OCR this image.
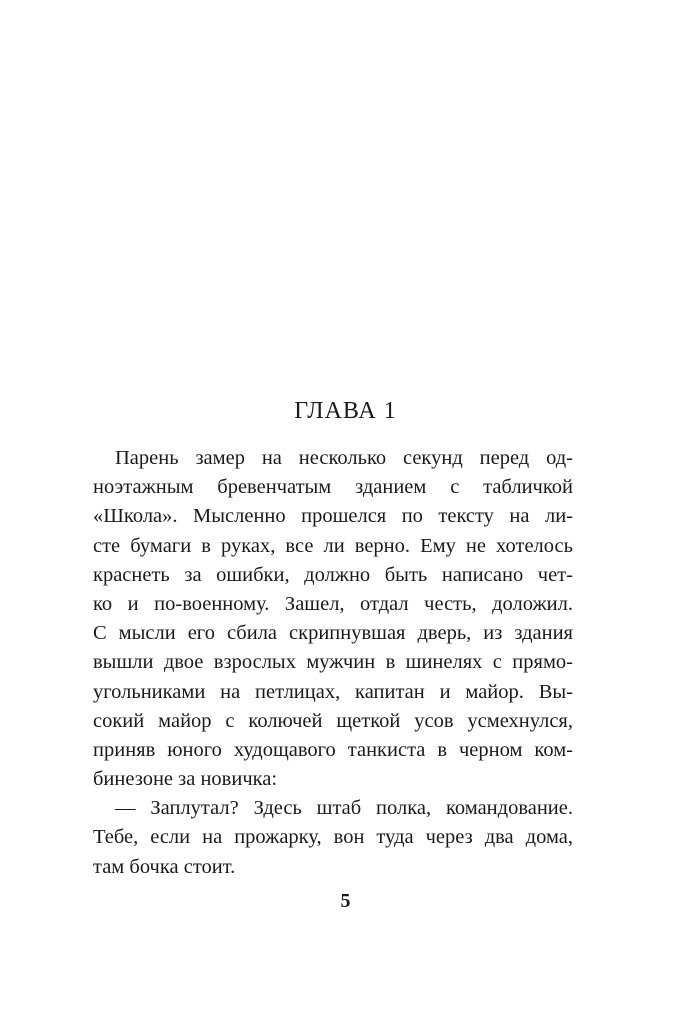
ГЛАВА 1
Парень замер на несколько секунд перед од-
ноэтажным бревенчатым зданием с табличкой
«Школа». Мысленно прошелся по тексту на ли-
сте бумаги в руках, все ли верно. Ему не хотелось
краснеть за ошибки, должно быть написано чет-
ко и по-военному. Зашел, отдал честь, доложил.
С мысли его сбила скрипнувшая дверь, из здания
вышли двое взрослых мужчин в шинелях с прямо-
угольниками на петлицах, капитан и майор. Вы-
сокий майор с колючей щеткой усов усмехнулся,
приняв юного худощавого танкиста в черном ком-
бинезоне за новичка:
— Заплутал? Здесь штаб полка, командование.
Тебе, если на прожарку, вон туда через два дома,
там бочка стоит.
5
